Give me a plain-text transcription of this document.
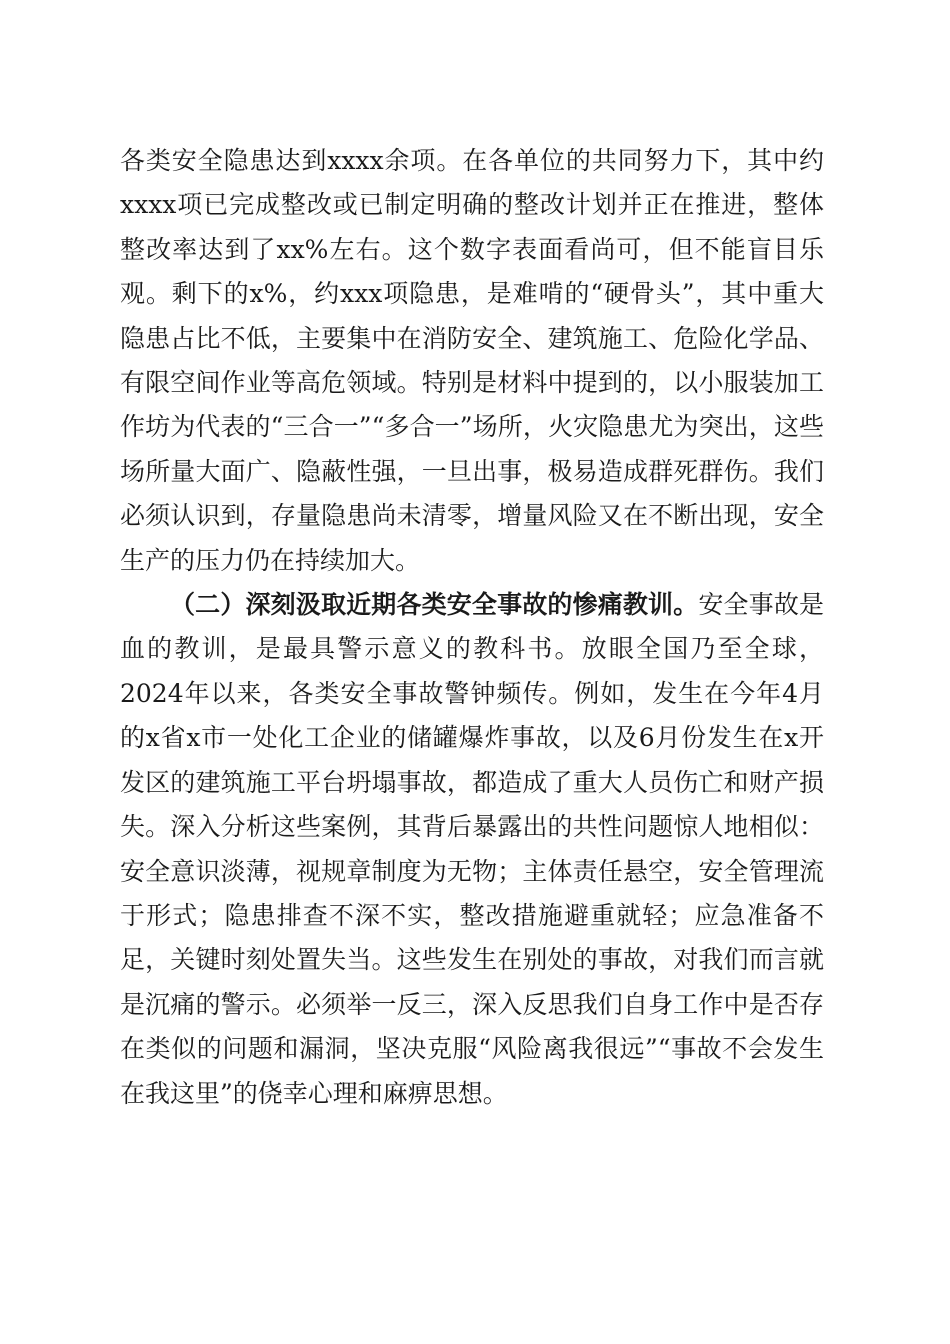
各类安全隐患达到xxxx余项。在各单位的共同努力下，其中约xxxx项已完成整改或已制定明确的整改计划并正在推进，整体整改率达到了xx%左右。这个数字表面看尚可，但不能盲目乐观。剩下的x%，约xxx项隐患，是难啃的“硬骨头”，其中重大隐患占比不低，主要集中在消防安全、建筑施工、危险化学品、有限空间作业等高危领域。特别是材料中提到的，以小服装加工作坊为代表的“三合一”“多合一”场所，火灾隐患尤为突出，这些场所量大面广、隐蔽性强，一旦出事，极易造成群死群伤。我们必须认识到，存量隐患尚未清零，增量风险又在不断出现，安全生产的压力仍在持续加大。

（二）深刻汲取近期各类安全事故的惨痛教训。安全事故是血的教训，是最具警示意义的教科书。放眼全国乃至全球，2024年以来，各类安全事故警钟频传。例如，发生在今年4月的x省x市一处化工企业的储罐爆炸事故，以及6月份发生在x开发区的建筑施工平台坍塌事故，都造成了重大人员伤亡和财产损失。深入分析这些案例，其背后暴露出的共性问题惊人地相似：安全意识淡薄，视规章制度为无物；主体责任悬空，安全管理流于形式；隐患排查不深不实，整改措施避重就轻；应急准备不足，关键时刻处置失当。这些发生在别处的事故，对我们而言就是沉痛的警示。必须举一反三，深入反思我们自身工作中是否存在类似的问题和漏洞，坚决克服“风险离我很远”“事故不会发生在我这里”的侥幸心理和麻痹思想。
